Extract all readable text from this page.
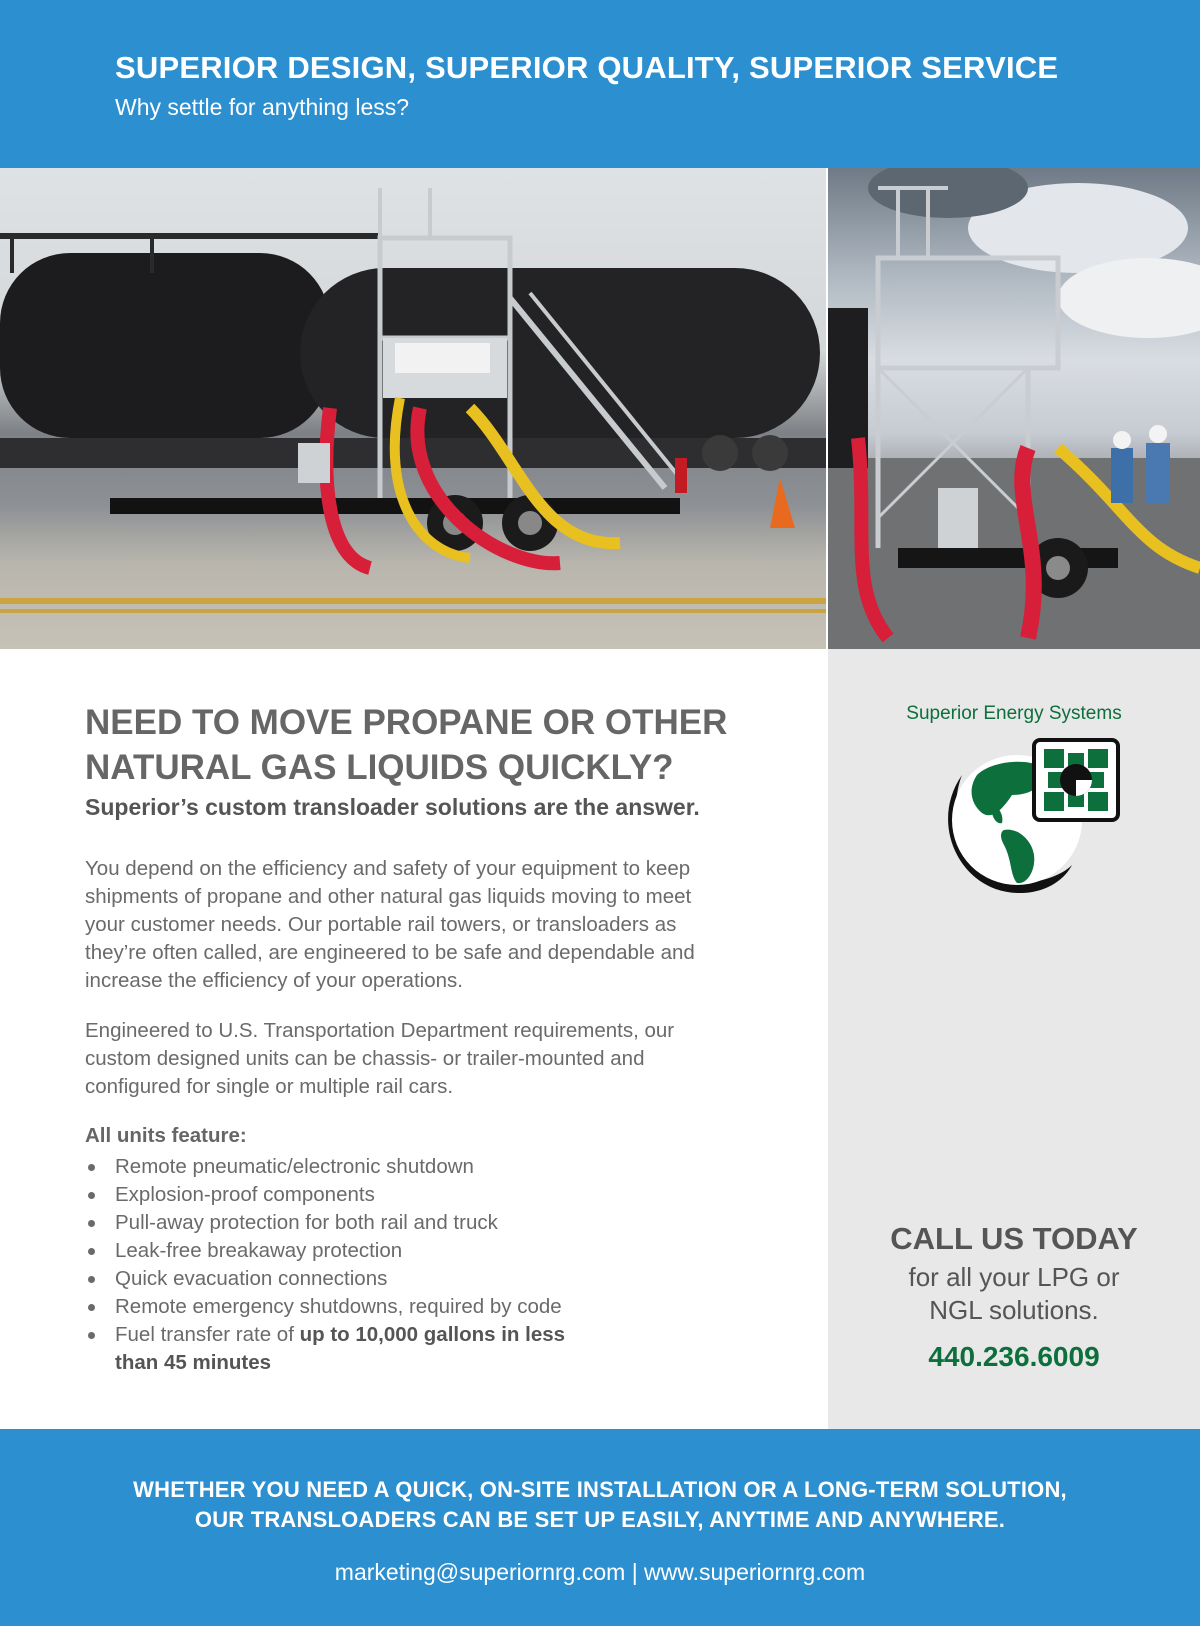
SUPERIOR DESIGN, SUPERIOR QUALITY, SUPERIOR SERVICE
Why settle for anything less?
Superior Energy Systems
CALL US TODAY
for all your LPG or
NGL solutions.
440.236.6009
NEED TO MOVE PROPANE OR OTHER
NATURAL GAS LIQUIDS QUICKLY?
Superior’s custom transloader solutions are the answer.
You depend on the efficiency and safety of your equipment to keep
shipments of propane and other natural gas liquids moving to meet
your customer needs. Our portable rail towers, or transloaders as
they’re often called, are engineered to be safe and dependable and
increase the efficiency of your operations.
Engineered to U.S. Transportation Department requirements, our
custom designed units can be chassis- or trailer-mounted and
configured for single or multiple rail cars.
All units feature:
Remote pneumatic/electronic shutdown
Explosion-proof components
Pull-away protection for both rail and truck
Leak-free breakaway protection
Quick evacuation connections
Remote emergency shutdowns, required by code
Fuel transfer rate of up to 10,000 gallons in less
than 45 minutes
WHETHER YOU NEED A QUICK, ON-SITE INSTALLATION OR A LONG-TERM SOLUTION,
OUR TRANSLOADERS CAN BE SET UP EASILY, ANYTIME AND ANYWHERE.
marketing@superiornrg.com | www.superiornrg.com
